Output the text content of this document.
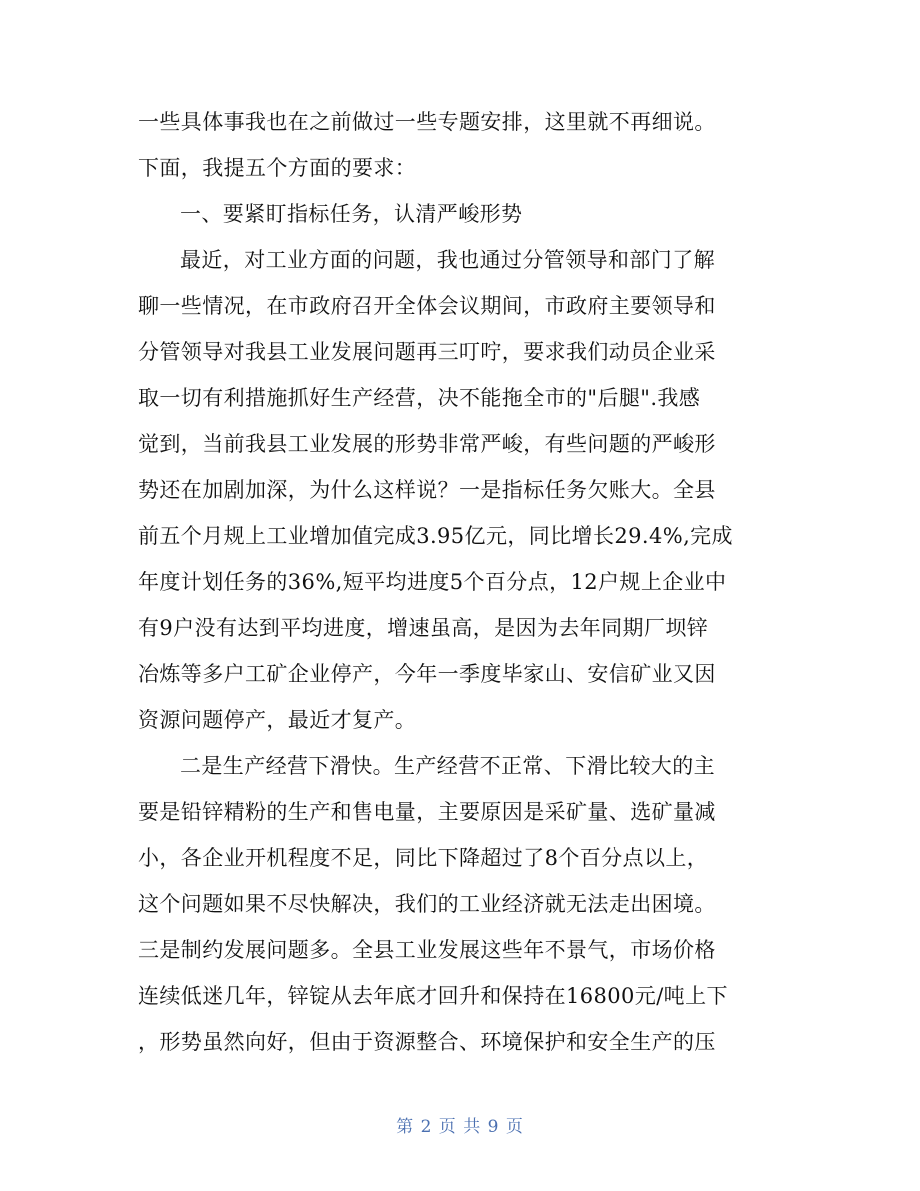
一些具体事我也在之前做过一些专题安排，这里就不再细说。
下面，我提五个方面的要求：
一、要紧盯指标任务，认清严峻形势
最近，对工业方面的问题，我也通过分管领导和部门了解
聊一些情况，在市政府召开全体会议期间，市政府主要领导和
分管领导对我县工业发展问题再三叮咛，要求我们动员企业采
取一切有利措施抓好生产经营，决不能拖全市的"后腿".我感
觉到，当前我县工业发展的形势非常严峻，有些问题的严峻形
势还在加剧加深，为什么这样说？一是指标任务欠账大。全县
前五个月规上工业增加值完成3.95亿元，同比增长29.4%,完成
年度计划任务的36%,短平均进度5个百分点，12户规上企业中
有9户没有达到平均进度，增速虽高，是因为去年同期厂坝锌
冶炼等多户工矿企业停产，今年一季度毕家山、安信矿业又因
资源问题停产，最近才复产。
二是生产经营下滑快。生产经营不正常、下滑比较大的主
要是铅锌精粉的生产和售电量，主要原因是采矿量、选矿量减
小，各企业开机程度不足，同比下降超过了8个百分点以上，
这个问题如果不尽快解决，我们的工业经济就无法走出困境。
三是制约发展问题多。全县工业发展这些年不景气，市场价格
连续低迷几年，锌锭从去年底才回升和保持在16800元/吨上下
，形势虽然向好，但由于资源整合、环境保护和安全生产的压
第 2 页 共 9 页
